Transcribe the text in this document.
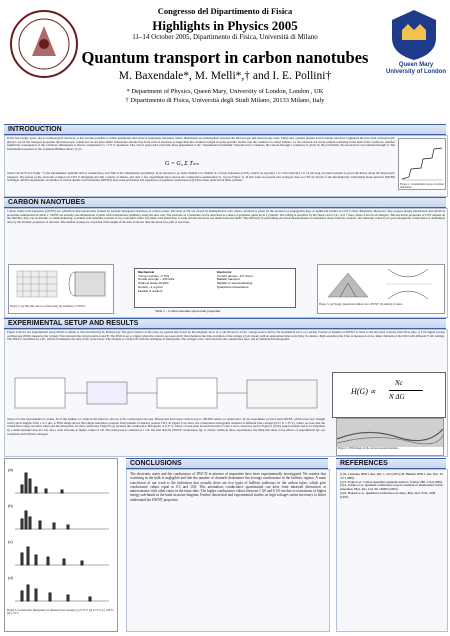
Congresso del Dipartimento di Fisica
Highlights in Physics 2005
11–14 October 2005, Dipartimento di Fisica, Università di Milano
Quantum transport in carbon nanotubes
M. Baxendale*, M. Melli*,† and I. E. Pollini†
* Department of Physics, Queen Mary, University of London, London , UK
† Dipartimento di Fisica, Università degli Studi Milano, 20133 Milano, Italy
Queen Mary
University of London
INTRODUCTION
In the last twenty years, due to technological advances, it has become possible to build, manipulate and observe nanometer structures whose dimensions are intermediate between the microscopic and macroscopic ones. These new systems present novel features and have originated the new field of mesoscopic physics. As for the transport properties the mesoscopic conductors do not have ohmic behaviours and the flux from each of electrons is larger than the conductor length in some systems. In this case the conductor is called ballistic, i.e. the electron can travel without scattering in the bulk of the conductor. Another significant consequence of the conductor dimensions is that its conductance G = I/V is quantized. The correct approach to describe these phenomena is the "transmission formalism" introduced by Landauer; the current through a conductor is given by the probability that an electron can transmit through it. The fundamental equation of the Landauer-Büttiker theory [1] is:
G = G₀ Σ Tₙₘ
where G0=2e²/h (12.9 kΩ)⁻¹ is the fundamental quantum unit of conductance, and Tnm is the transmission probability. In an electron to go from channel n to channel m. Carbon nanotubes (CNT), which are typically 1 to 5 nm wide and 1 to 10 μm long, are ideal systems to prove the theory about the mesoscopic transport. The nature of the electronic transport in CNT is intriguing and still a matter of debate, and only a few experiments have shown the conductance quantization [2, 3] (see Figure 1). In this work we present new transport data on CNT by means of the mechanically controllable break junction (MCBJ) technique. MCBJ experiments on bundles of carbon double wall nanotubes (DWNT) have been performed and signatures of quantum conductance (QC) have been observed in these systems.
Figure 1. Conductance traces of carbon nanotubes.
CARBON NANOTUBES
Carbon single wall nanotubes (SWNT) are cylindrical macromolecules formed by periodic hexagonal structures of carbon atoms. The ends of NT are closed by hemispherical caps whose curvature is given by the presence of pentagonal rings. A significant feature of CNT is their dimension. Moreover, they possess unique mechanical and electrical properties summarized in Table 1. SWNT are actually one-dimensional crystals with translational symmetry along the tube axis. The structure of a nanotube can be described as a sheet of graphene rolled up in a cylinder. The rolling is specified by the chiral vector Ch = na1 + ma2, where n and m are integers. The electronic properties of CNT depend on the chirality: they can be metallic or semiconducting. A double wall nanotube consists of two concentric tubes; the inner-wall interaction is weak and the electrons can tunnel between shells. The difficulty in performing electrical measurements on nanotubes arises from the contacts, but when the contacts are good enough the conductance is determined only by the intrinsic properties of the tube. The ballistic transport is expected if the length of the tube is shorter than the mean free path of electrons.
Figure 2. (a) The unit cell of a carbon tube; (b) examples of SWNT.
Mechanical
Young modulus ~1 TPa
Tensile strength ~ 100 GPa
Strain at break 10-20%
Density ~1.4 g/cm³
Flexible & resilient
Electronic
Current density ~10⁹ A/cm²
Ballistic transport
Metallic or semiconducting
Quantized conductance
Table 1 – Carbon nanotube spectacular properties
Figure 3. (a) Energy dispersion relations for a SWNT; (b) density of states.
EXPERIMENTAL SETUP AND RESULTS
Figure 4 shows our experimental setup which is similar to that described by K. Hansen [4]. The gold contacts of the relay are opened and closed by the magnetic force of a coil driven by an AC voltage source and by the mechanical force of a spring. Powder of bundles of DWNT is stuck to the electrical contacts with silver glue. A 6 bit digital storage oscilloscope (DSO) measures the voltage Vdso between the circuit points A and B. The DSO is set to trigger when the contacts are open and it then monitors the time evolution of the voltage (cycle mean) with an appropriate time scale (ms). To obtain a high resolution the Vdso is measured on two input channels of the DSO with different V/div settings. The DSO is controlled by a PC, which accumulates the data of the cycle traces. The analysis is carried out with the technique of histograms. The voltages were converted into the conductance trace and accumulated in histograms.
where N is the total number of counts, Nc is the number of counts in the interval, and ΔG is the conductance bin size. Histograms have been collected up to 100,000 values of conductance. In our experiment we have used DWNT, which were very straight with typical lengths from 1 to 5 μm. A TEM image shows that single nanotubes protrude from bundles of densely packed CNT. In Figure 6 we show the conductance histograms obtained at different bias voltages (0.37 to 1.35 V), where we note that the conductance range becomes wider and the histograms are more structured. Figure 6 (a) presents the conductance histograms at 0.37 V, where a broad peak located between 0.3 and 1 G0 is observed, and in Figure 6 (b) the peak broadens and is accompanied by a small shoulder near 0.5 G0, and a wide structure at higher values of G0. The main peak is centered at 1 G0. We find that the DWNT conductance QC is clearly visible in these experiments. We think that these novel effects of experimental QC are consistent with ballistic transport.
H(G) ∝
Nc
N ΔG
Figure 5. TEM image of the carbon nanotube bundles.
(a)
(b)
(c)
(d)
Figure 6. Conductance histograms for different bias voltages: (a) 0.37 V; (b) 0.75 V; (c) 1.06 V; (d) 1.35 V.
CONCLUSIONS
The electronic states and the conductance of DWCN in absence of impurities have been experimentally investigated. We assume that scattering in the bulk is negligible and that the number of channels determines the average conductance in the ballistic regime. A main conclusion of our work is the indication that actually there are two types of ballistic pathways in the carbon tubes, which give conductance values equal to 0.5 and 1G0. This anomalous conductance quantization can arise from intrawall interaction or antiresonance with other states in the inner tube. The higher conductance values between 1 G0 and 6 G0 are due to excitations of higher energy sub-bands in the band structure diagram. Further theoretical and experimental studies on high voltages seems necessary to better understand the DWNT properties.
REFERENCES
[1] R. Landauer, IBM J. Res. Dev. 1, 223 (1957); M. Büttiker, IBM J. Res. Dev. 32, 317 (1988).
[2] S. Frank et al., Carbon nanotubes quantum resistors, Science 280, 1744 (1998).
[3] A. Urbina et al., Quantum conductance steps in solutions of multiwalled carbon nanotubes, Phys. Rev. Lett. 90, 106603 (2003).
[4] K. Hansen et al., Quantized conductance in relays, Phys. Rev. B 62, 2208 (1997).
